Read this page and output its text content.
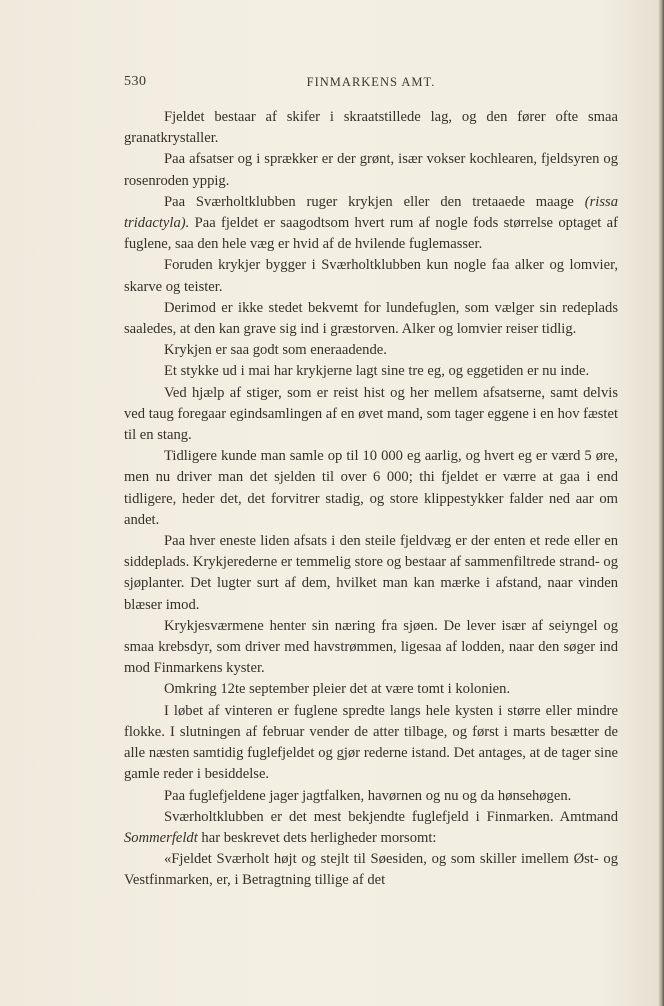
530	FINMARKENS AMT.

Fjeldet bestaar af skifer i skraatstillede lag, og den fører ofte smaa granatkrystaller.

Paa afsatser og i sprækker er der grønt, især vokser kochlearen, fjeldsyren og rosenroden yppig.

Paa Sværholtklubben ruger krykjen eller den tretaaede maage (rissa tridactyla). Paa fjeldet er saagodtsom hvert rum af nogle fods størrelse optaget af fuglene, saa den hele væg er hvid af de hvilende fuglemasser.

Foruden krykjer bygger i Sværholtklubben kun nogle faa alker og lomvier, skarve og teister.

Derimod er ikke stedet bekvemt for lundefuglen, som vælger sin redeplads saaledes, at den kan grave sig ind i græstorven. Alker og lomvier reiser tidlig.

Krykjen er saa godt som eneraadende.

Et stykke ud i mai har krykjerne lagt sine tre eg, og eggetiden er nu inde.

Ved hjælp af stiger, som er reist hist og her mellem afsatserne, samt delvis ved taug foregaar egindsamlingen af en øvet mand, som tager eggene i en hov fæstet til en stang.

Tidligere kunde man samle op til 10 000 eg aarlig, og hvert eg er værd 5 øre, men nu driver man det sjelden til over 6 000; thi fjeldet er værre at gaa i end tidligere, heder det, det forvitrer stadig, og store klippestykker falder ned aar om andet.

Paa hver eneste liden afsats i den steile fjeldvæg er der enten et rede eller en siddeplads. Krykjerederne er temmelig store og bestaar af sammenfiltrede strand- og sjøplanter. Det lugter surt af dem, hvilket man kan mærke i afstand, naar vinden blæser imod.

Krykjesværmene henter sin næring fra sjøen. De lever især af seiyngel og smaa krebsdyr, som driver med havstrømmen, ligesaa af lodden, naar den søger ind mod Finmarkens kyster.

Omkring 12te september pleier det at være tomt i kolonien.

I løbet af vinteren er fuglene spredte langs hele kysten i større eller mindre flokke. I slutningen af februar vender de atter tilbage, og først i marts besætter de alle næsten samtidig fuglefjeldet og gjør rederne istand. Det antages, at de tager sine gamle reder i besiddelse.

Paa fuglefjeldene jager jagtfalken, havørnen og nu og da hønsehøgen.

Sværholtklubben er det mest bekjendte fuglefjeld i Finmarken. Amtmand Sommerfeldt har beskrevet dets herligheder morsomt:

«Fjeldet Sværholt højt og stejlt til Søesiden, og som skiller imellem Øst- og Vestfinmarken, er, i Betragtning tillige af det
